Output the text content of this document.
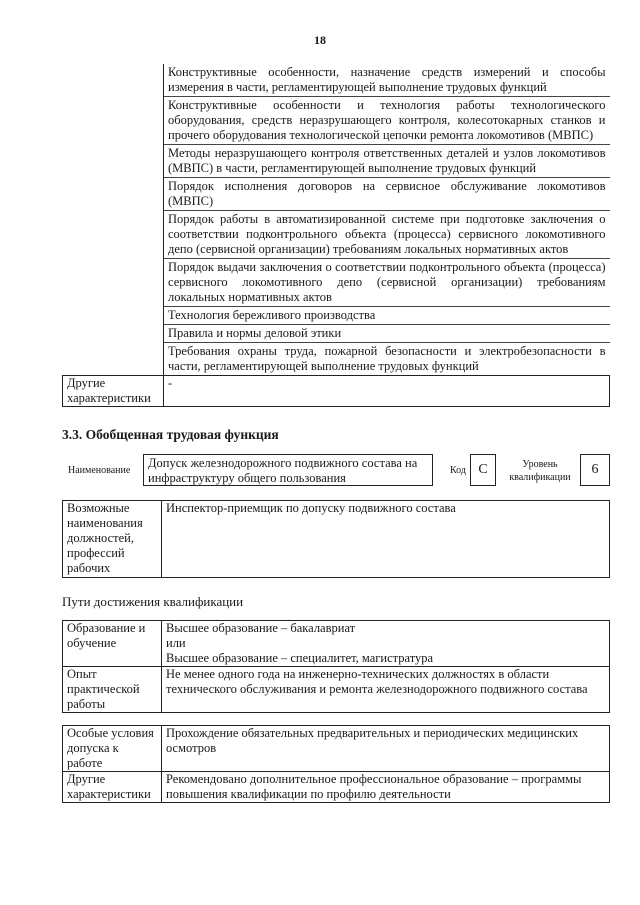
18
	Конструктивные особенности, назначение средств измерений и способы измерения в части, регламентирующей выполнение трудовых функций
	Конструктивные особенности и технология работы технологического оборудования, средств неразрушающего контроля, колесотокарных станков и прочего оборудования технологической цепочки ремонта локомотивов (МВПС)
	Методы неразрушающего контроля ответственных деталей и узлов локомотивов (МВПС) в части, регламентирующей выполнение трудовых функций
	Порядок исполнения договоров на сервисное обслуживание локомотивов (МВПС)
	Порядок работы в автоматизированной системе при подготовке заключения о соответствии подконтрольного объекта (процесса) сервисного локомотивного депо (сервисной организации) требованиям локальных нормативных актов
	Порядок выдачи заключения о соответствии подконтрольного объекта (процесса) сервисного локомотивного депо (сервисной организации) требованиям локальных нормативных актов
	Технология бережливого производства
	Правила и нормы деловой этики
	Требования охраны труда, пожарной безопасности и электробезопасности в части, регламентирующей выполнение трудовых функций
Другие характеристики	-
3.3. Обобщенная трудовая функция
Наименование
Допуск железнодорожного подвижного состава на инфраструктуру общего пользования
Код C	Уровень квалификации
6
Возможные наименования должностей, профессий рабочих	Инспектор-приемщик по допуску подвижного состава
Пути достижения квалификации
Образование и обучение	Высшее образование – бакалавриат
или
Высшее образование – специалитет, магистратура

Опыт практической работы	Не менее одного года на инженерно-технических должностях в области технического обслуживания и ремонта железнодорожного подвижного состава
Особые условия допуска к работе	Прохождение обязательных предварительных и периодических медицинских осмотров
Другие характеристики	Рекомендовано дополнительное профессиональное образование – программы повышения квалификации по профилю деятельности
